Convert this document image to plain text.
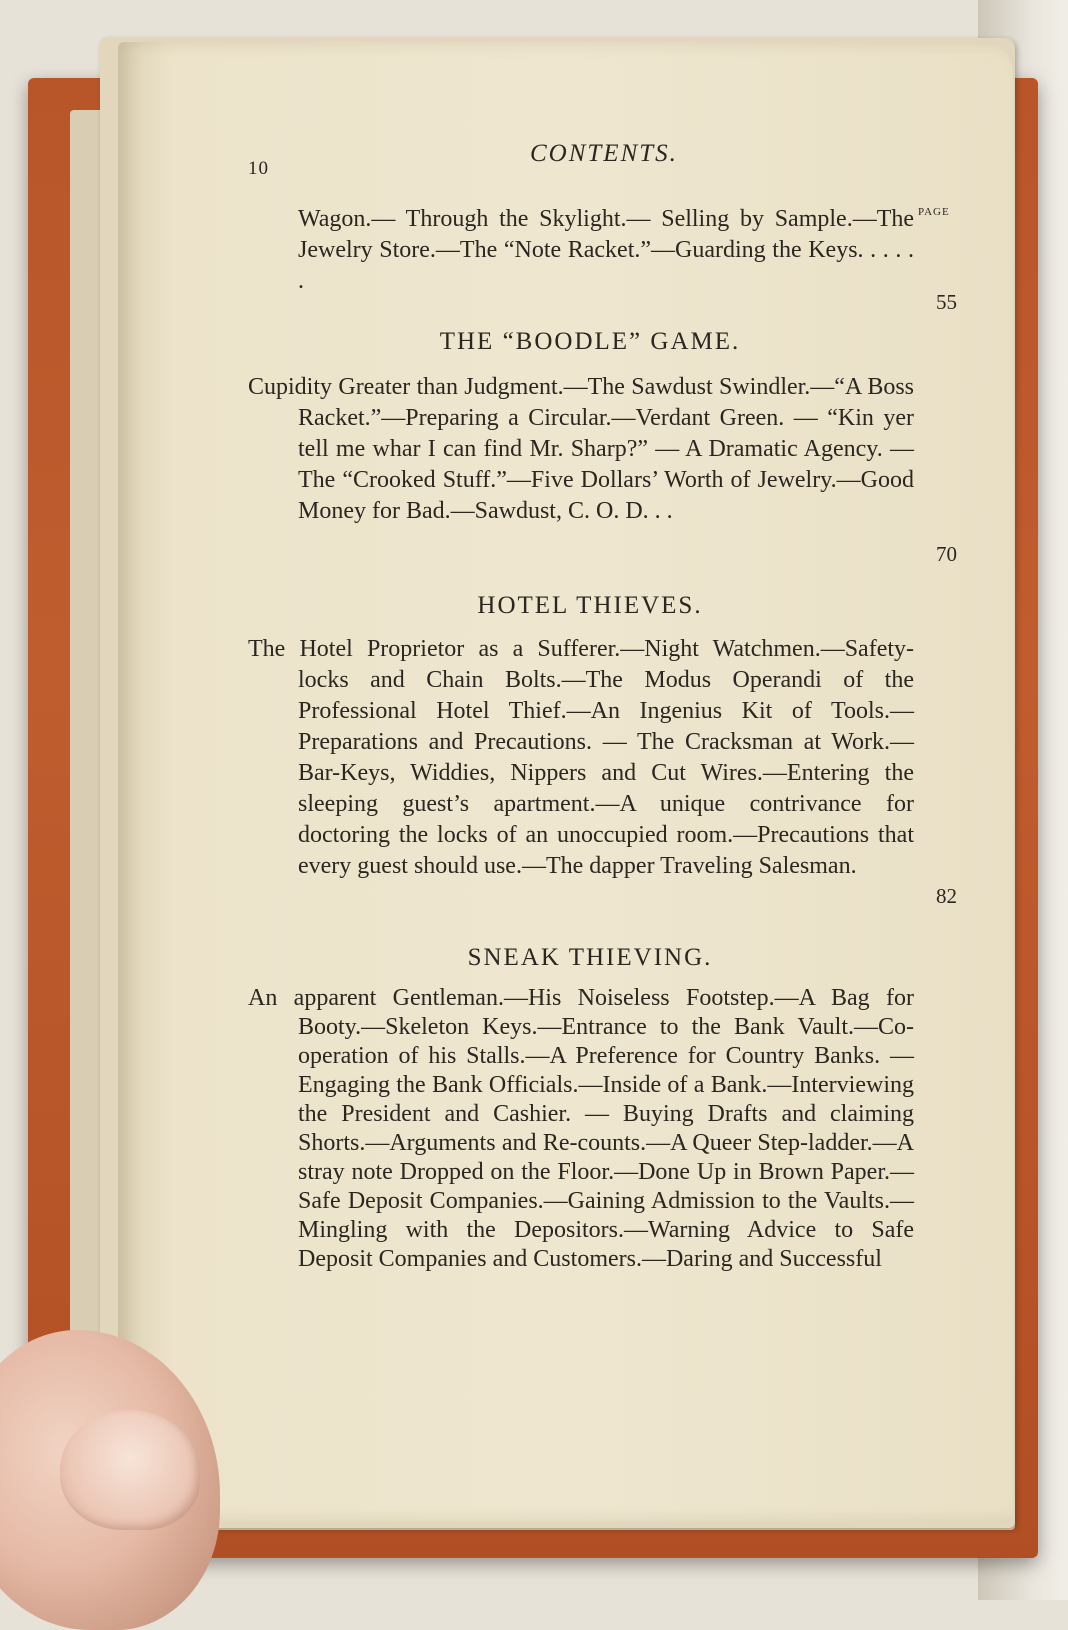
10
CONTENTS.
PAGE
Wagon.— Through the Skylight.— Selling by Sample.—The Jewelry Store.—The “Note Racket.”—Guarding the Keys. . . . . .
55
THE “BOODLE” GAME.
Cupidity Greater than Judgment.—The Sawdust Swindler.—“A Boss Racket.”—Preparing a Circular.—Verdant Green. — “Kin yer tell me whar I can find Mr. Sharp?” — A Dramatic Agency. — The “Crooked Stuff.”—Five Dollars’ Worth of Jewelry.—Good Money for Bad.—Sawdust, C. O. D. . .
70
HOTEL THIEVES.
The Hotel Proprietor as a Sufferer.—Night Watchmen.—Safety-locks and Chain Bolts.—The Modus Operandi of the Professional Hotel Thief.—An Ingenius Kit of Tools.—Preparations and Precautions. — The Cracksman at Work.— Bar-Keys, Widdies, Nippers and Cut Wires.—Entering the sleeping guest’s apartment.—A unique contrivance for doctoring the locks of an unoccupied room.—Precautions that every guest should use.—The dapper Traveling Salesman.
82
SNEAK THIEVING.
An apparent Gentleman.—His Noiseless Footstep.—A Bag for Booty.—Skeleton Keys.—Entrance to the Bank Vault.—Co-operation of his Stalls.—A Preference for Country Banks. — Engaging the Bank Officials.—Inside of a Bank.—Interviewing the President and Cashier. — Buying Drafts and claiming Shorts.—Arguments and Re-counts.—A Queer Step-ladder.—A stray note Dropped on the Floor.—Done Up in Brown Paper.—Safe Deposit Companies.—Gaining Admission to the Vaults.—Mingling with the Depositors.—Warning Advice to Safe Deposit Companies and Customers.—Daring and Successful
